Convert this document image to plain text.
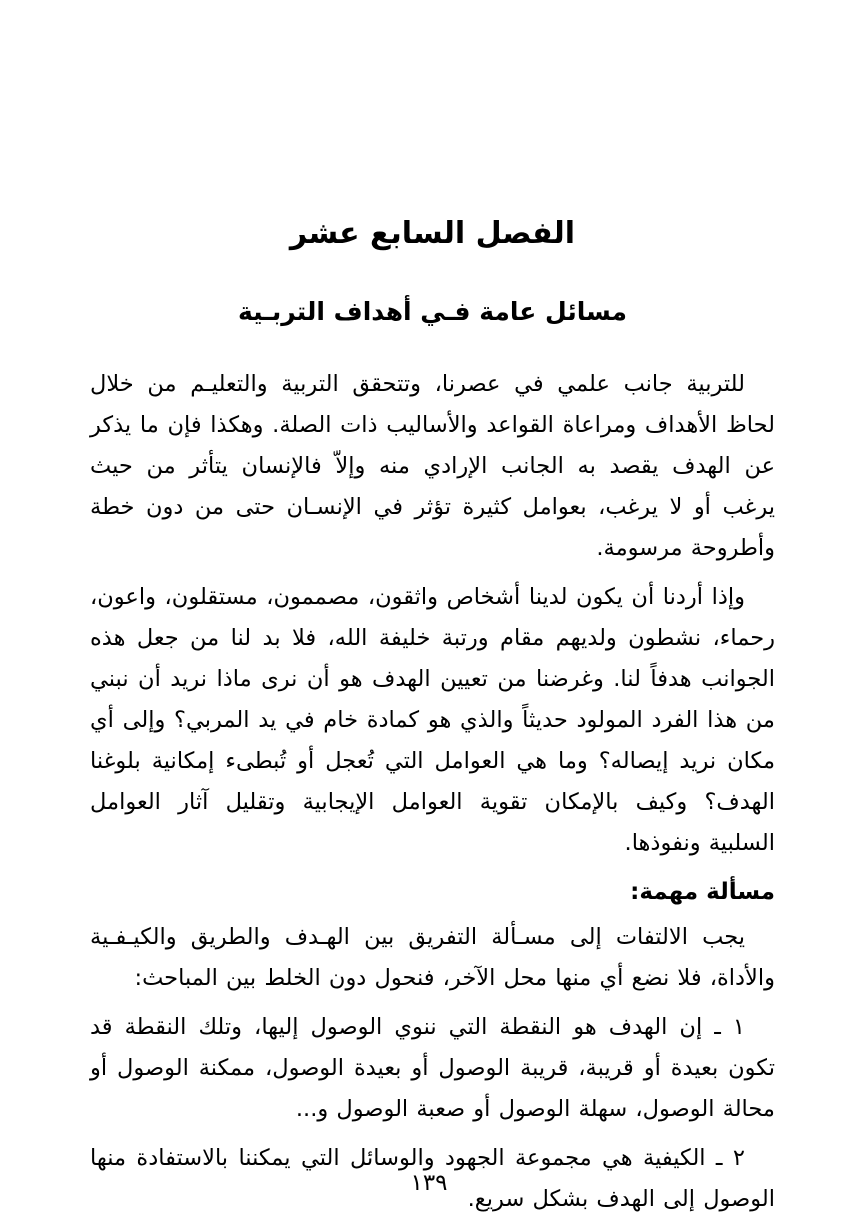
الفصل السابع عشر
مسائل عامة فـي أهداف التربـية

للتربية جانب علمي في عصرنا، وتتحقق التربية والتعليـم من خلال لحاظ الأهداف ومراعاة القواعد والأساليب ذات الصلة. وهكذا فإن ما يذكر عن الهدف يقصد به الجانب الإرادي منه وإلاّ فالإنسان يتأثر من حيث يرغب أو لا يرغب، بعوامل كثيرة تؤثر في الإنسـان حتى من دون خطة وأطروحة مرسومة.

وإذا أردنا أن يكون لدينا أشخاص واثقون، مصممون، مستقلون، واعون، رحماء، نشطون ولديهم مقام ورتبة خليفة الله، فلا بد لنا من جعل هذه الجوانب هدفاً لنا. وغرضنا من تعيين الهدف هو أن نرى ماذا نريد أن نبني من هذا الفرد المولود حديثاً والذي هو كمادة خام في يد المربي؟ وإلى أي مكان نريد إيصاله؟ وما هي العوامل التي تُعجل أو تُبطىء إمكانية بلوغنا الهدف؟ وكيف بالإمكان تقوية العوامل الإيجابية وتقليل آثار العوامل السلبية ونفوذها.

مسألة مهمة:

يجب الالتفات إلى مسـألة التفريق بين الهـدف والطريق والكيـفـية والأداة، فلا نضع أي منها محل الآخر، فنحول دون الخلط بين المباحث:

١ ـ إن الهدف هو النقطة التي ننوي الوصول إليها، وتلك النقطة قد تكون بعيدة أو قريبة، قريبة الوصول أو بعيدة الوصول، ممكنة الوصول أو محالة الوصول، سهلة الوصول أو صعبة الوصول و...

٢ ـ الكيفية هي مجموعة الجهود والوسائل التي يمكننا بالاستفادة منها الوصول إلى الهدف بشكل سريع.

١٣٩
